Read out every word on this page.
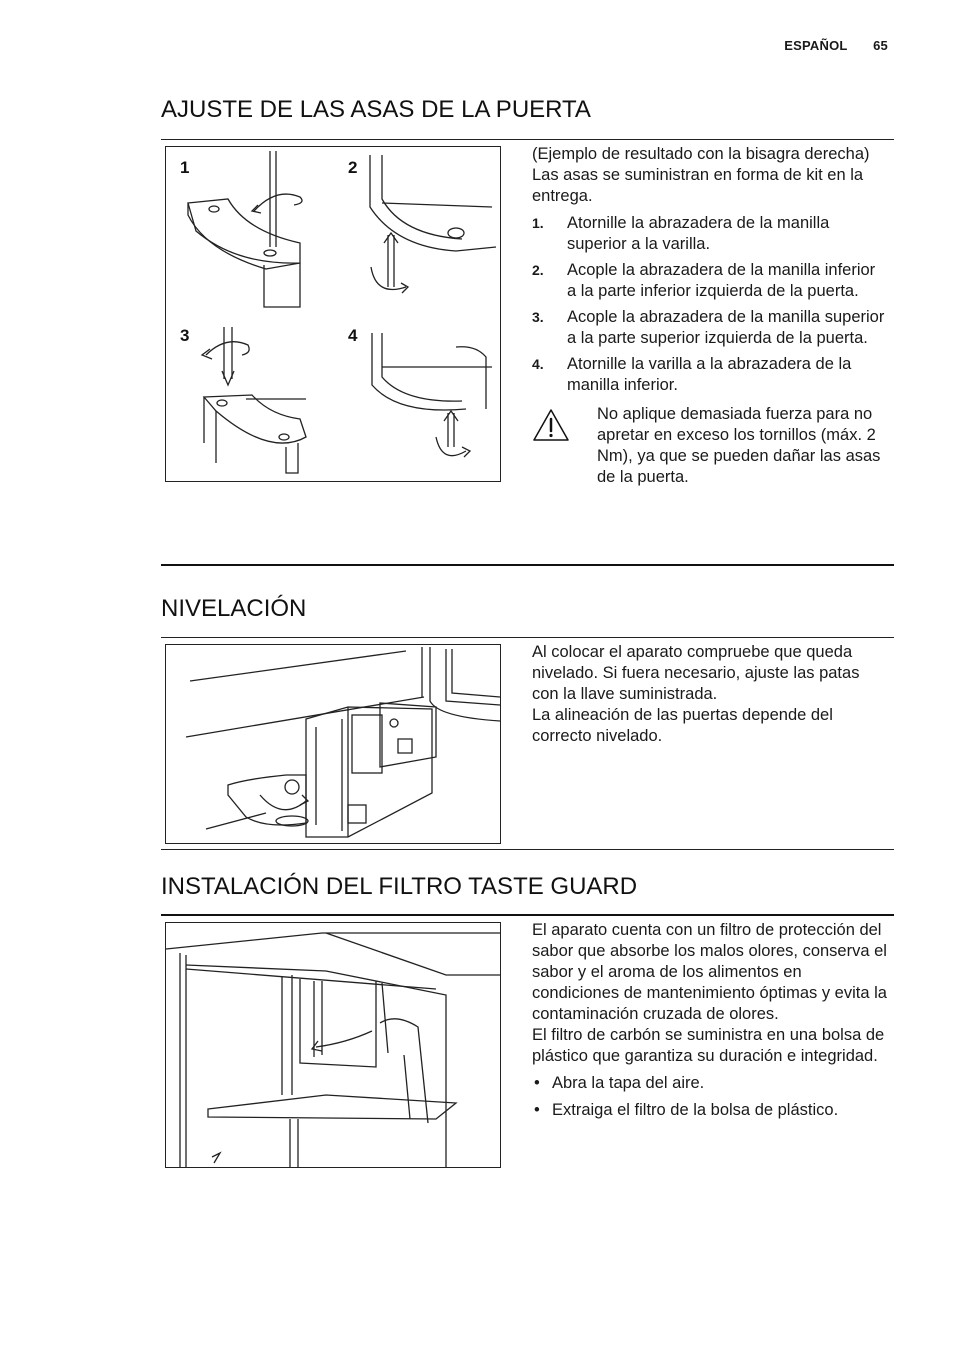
ESPAÑOL 65
AJUSTE DE LAS ASAS DE LA PUERTA
1	2
3	4

(Ejemplo de resultado con la bisagra derecha)

Las asas se suministran en forma de kit en la entrega.

1. Atornille la abrazadera de la manilla superior a la varilla.
2. Acople la abrazadera de la manilla inferior a la parte inferior izquierda de la puerta.
3. Acople la abrazadera de la manilla superior a la parte superior izquierda de la puerta.
4. Atornille la varilla a la abrazadera de la manilla inferior.
No aplique demasiada fuerza para no apretar en exceso los tornillos (máx. 2 Nm), ya que se pueden dañar las asas de la puerta.
NIVELACIÓN

Al colocar el aparato compruebe que queda nivelado. Si fuera necesario, ajuste las patas con la llave suministrada.

La alineación de las puertas depende del correcto nivelado.

INSTALACIÓN DEL FILTRO TASTE GUARD

El aparato cuenta con un filtro de protección del sabor que absorbe los malos olores, conserva el sabor y el aroma de los alimentos en condiciones de mantenimiento óptimas y evita la contaminación cruzada de olores.

El filtro de carbón se suministra en una bolsa de plástico que garantiza su duración e integridad.

• Abra la tapa del aire.
• Extraiga el filtro de la bolsa de plástico.
